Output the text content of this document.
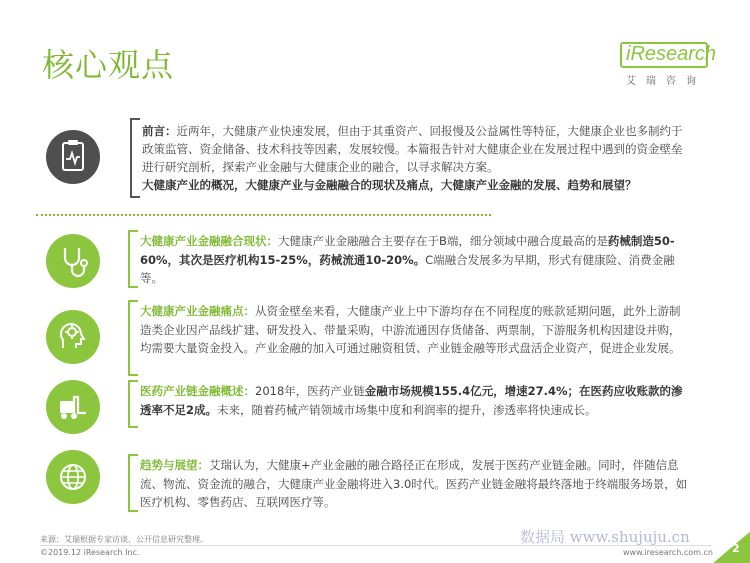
核心观点	iResearch
艾瑞咨询
前言：近两年，大健康产业快速发展，但由于其重资产、回报慢及公益属性等特征，大健康企业也多制约于政策监管、资金储备、技术科技等因素，发展较慢。本篇报告针对大健康企业在发展过程中遇到的资金壁垒进行研究剖析，探索产业金融与大健康企业的融合，以寻求解决方案。
大健康产业的概况，大健康产业与金融融合的现状及痛点，大健康产业金融的发展、趋势和展望？
大健康产业金融融合现状：大健康产业金融融合主要存在于B端，细分领域中融合度最高的是药械制造50-60%，其次是医疗机构15-25%，药械流通10-20%。C端融合发展多为早期，形式有健康险、消费金融等。
大健康产业金融痛点：从资金壁垒来看，大健康产业上中下游均存在不同程度的账款延期问题，此外上游制造类企业因产品线扩建、研发投入、带量采购，中游流通因存货储备、两票制，下游服务机构因建设并购，均需要大量资金投入。产业金融的加入可通过融资租赁、产业链金融等形式盘活企业资产，促进企业发展。
医药产业链金融概述：2018年，医药产业链金融市场规模155.4亿元，增速27.4%；在医药应收账款的渗透率不足2成。未来，随着药械产销领域市场集中度和利润率的提升，渗透率将快速成长。
趋势与展望：艾瑞认为，大健康+产业金融的融合路径正在形成，发展于医药产业链金融。同时，伴随信息流、物流、资金流的融合，大健康产业金融将进入3.0时代。医药产业链金融将最终落地于终端服务场景，如医疗机构、零售药店、互联网医疗等。
来源：艾瑞根据专家访谈、公开信息研究整理。
©2019.12 iResearch Inc.
数据局 www.shujuju.cn
www.iresearch.com.cn 2
